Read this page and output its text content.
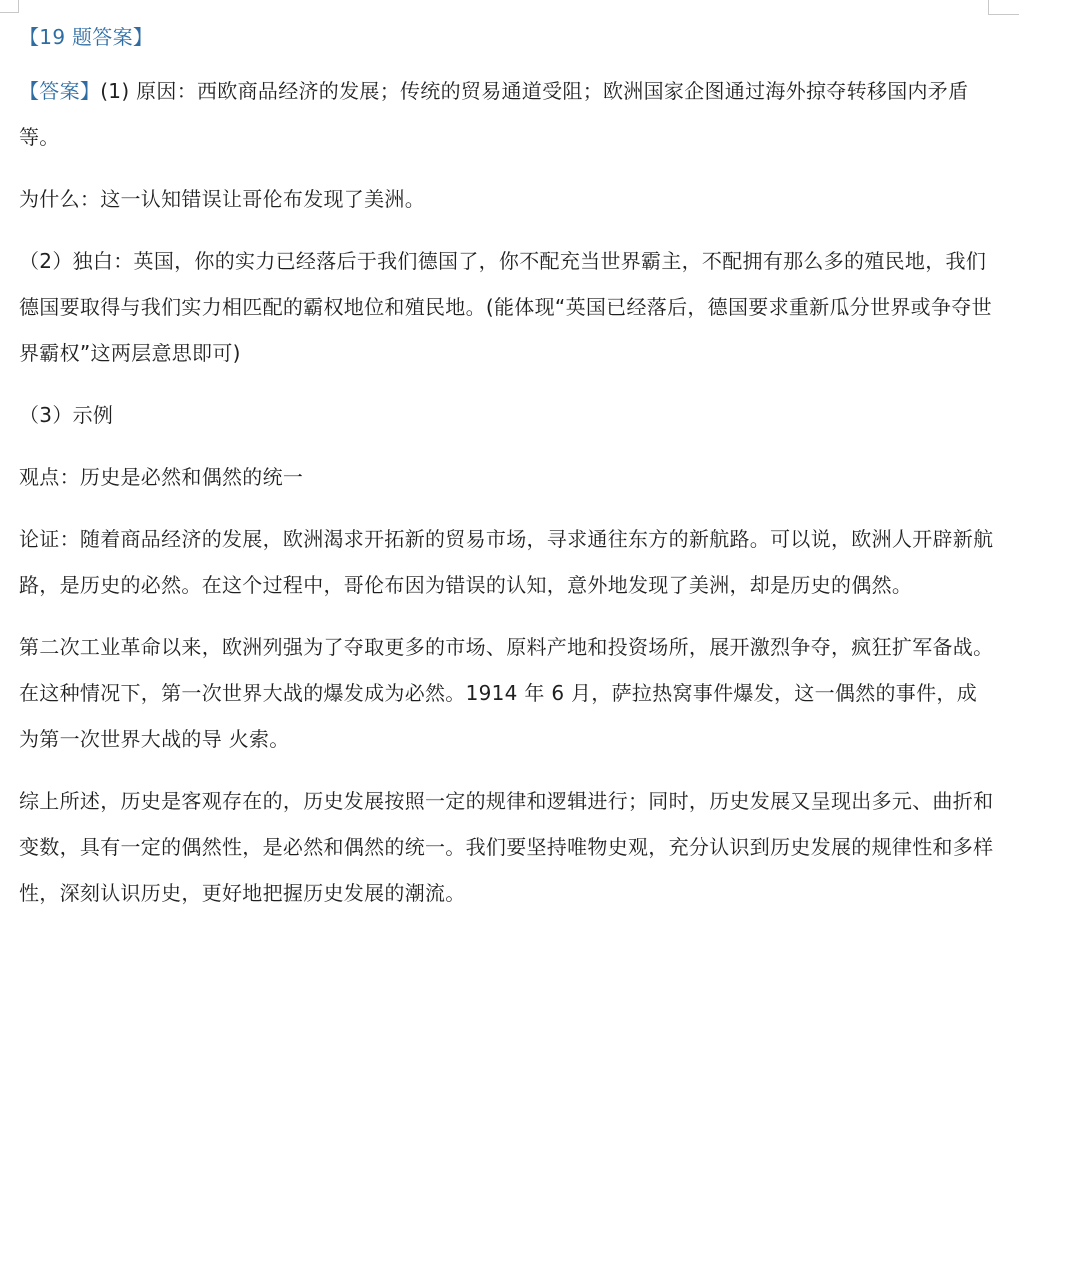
【19 题答案】

【答案】(1) 原因：西欧商品经济的发展；传统的贸易通道受阻；欧洲国家企图通过海外掠夺转移国内矛盾等。

为什么：这一认知错误让哥伦布发现了美洲。

（2）独白：英国，你的实力已经落后于我们德国了，你不配充当世界霸主，不配拥有那么多的殖民地，我们德国要取得与我们实力相匹配的霸权地位和殖民地。(能体现“英国已经落后，德国要求重新瓜分世界或争夺世界霸权”这两层意思即可)

（3）示例

观点：历史是必然和偶然的统一

论证：随着商品经济的发展，欧洲渴求开拓新的贸易市场，寻求通往东方的新航路。可以说，欧洲人开辟新航路，是历史的必然。在这个过程中，哥伦布因为错误的认知，意外地发现了美洲，却是历史的偶然。

第二次工业革命以来，欧洲列强为了夺取更多的市场、原料产地和投资场所，展开激烈争夺，疯狂扩军备战。在这种情况下，第一次世界大战的爆发成为必然。1914 年 6 月，萨拉热窝事件爆发，这一偶然的事件，成为第一次世界大战的导 火索。

综上所述，历史是客观存在的，历史发展按照一定的规律和逻辑进行；同时，历史发展又呈现出多元、曲折和变数，具有一定的偶然性，是必然和偶然的统一。我们要坚持唯物史观，充分认识到历史发展的规律性和多样性，深刻认识历史，更好地把握历史发展的潮流。
